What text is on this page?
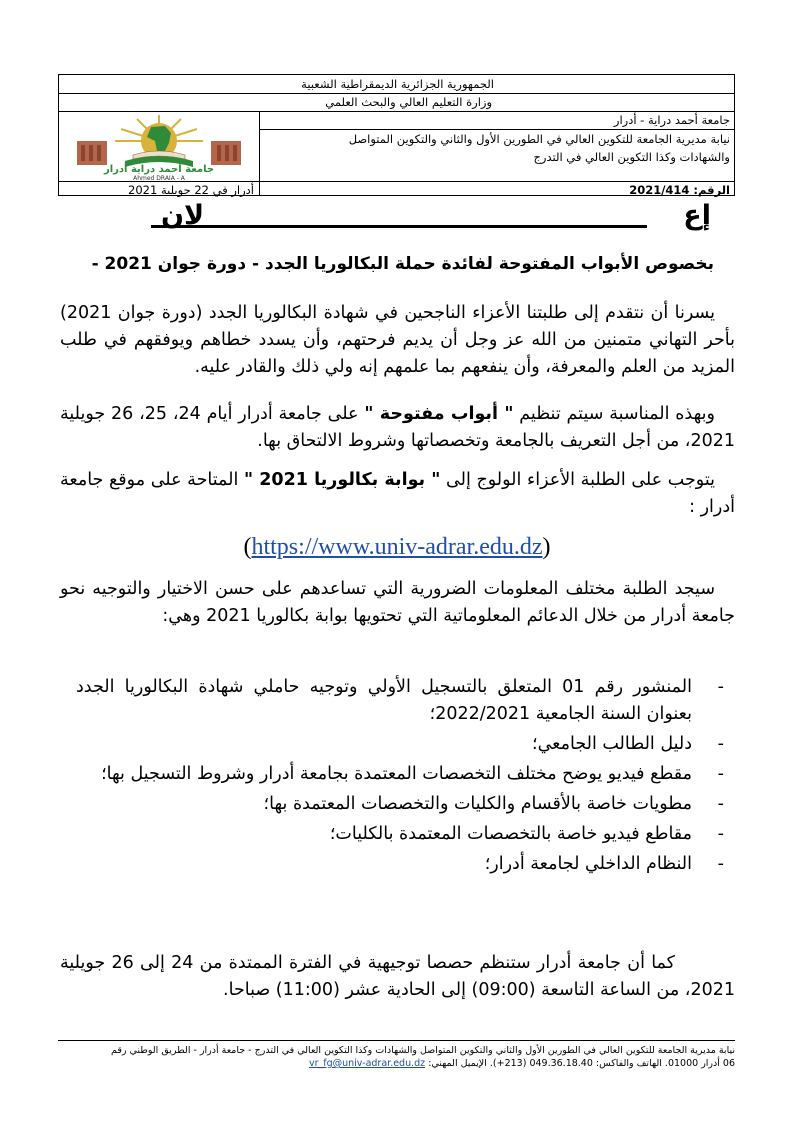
الجمهورية الجزائرية الديمقراطية الشعبية
وزارة التعليم العالي والبحث العلمي
جامعة أحمد دراية - أدرار
نيابة مديرية الجامعة للتكوين العالي في الطورين الأول والثاني والتكوين المتواصل
والشهادات وكذا التكوين العالي في التدرج
الرقم: 2021/414
أدرار في 22 جويلية 2021
جامعة أحمد دراية أدرار
Ahmed DRAIA - A
إع
لان
بخصوص الأبواب المفتوحة لفائدة حملة البكالوريا الجدد - دورة جوان 2021 -
يسرنا أن نتقدم إلى طلبتنا الأعزاء الناجحين في شهادة البكالوريا الجدد (دورة جوان 2021) بأحر التهاني متمنين من الله عز وجل أن يديم فرحتهم، وأن يسدد خطاهم ويوفقهم في طلب المزيد من العلم والمعرفة، وأن ينفعهم بما علمهم إنه ولي ذلك والقادر عليه.
وبهذه المناسبة سيتم تنظيم " أبواب مفتوحة " على جامعة أدرار أيام 24، 25، 26 جويلية 2021، من أجل التعريف بالجامعة وتخصصاتها وشروط الالتحاق بها.
يتوجب على الطلبة الأعزاء الولوج إلى " بوابة بكالوريا 2021 " المتاحة على موقع جامعة أدرار :
(https://www.univ-adrar.edu.dz)
سيجد الطلبة مختلف المعلومات الضرورية التي تساعدهم على حسن الاختيار والتوجيه نحو جامعة أدرار من خلال الدعائم المعلوماتية التي تحتويها بوابة بكالوريا 2021 وهي:
-
المنشور رقم 01 المتعلق بالتسجيل الأولي وتوجيه حاملي شهادة البكالوريا الجدد بعنوان السنة الجامعية 2022/2021؛
-
دليل الطالب الجامعي؛
-
مقطع فيديو يوضح مختلف التخصصات المعتمدة بجامعة أدرار وشروط التسجيل بها؛
-
مطويات خاصة بالأقسام والكليات والتخصصات المعتمدة بها؛
-
مقاطع فيديو خاصة بالتخصصات المعتمدة بالكليات؛
-
النظام الداخلي لجامعة أدرار؛
كما أن جامعة أدرار ستنظم حصصا توجيهية في الفترة الممتدة من 24 إلى 26 جويلية 2021، من الساعة التاسعة (09:00) إلى الحادية عشر (11:00) صباحا.
نيابة مديرية الجامعة للتكوين العالي في الطورين الأول والثاني والتكوين المتواصل والشهادات وكذا التكوين العالي في التدرج - جامعة أدرار - الطريق الوطني رقم
06 أدرار 01000. الهاتف والفاكس: 049.36.18.40 (213+). الإيميل المهني: vr_fg@univ-adrar.edu.dz
